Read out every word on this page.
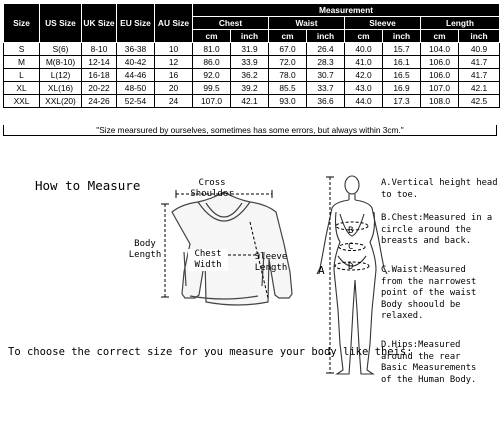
Size	US Size	UK Size	EU Size	AU Size	Measurement							
					Chest		Waist		Sleeve		Length	
					cm	inch	cm	inch	cm	inch	cm	inch
S	S(6)	8-10	36-38	10	81.0	31.9	67.0	26.4	40.0	15.7	104.0	40.9
M	M(8-10)	12-14	40-42	12	86.0	33.9	72.0	28.3	41.0	16.1	106.0	41.7
L	L(12)	16-18	44-46	16	92.0	36.2	78.0	30.7	42.0	16.5	106.0	41.7
XL	XL(16)	20-22	48-50	20	99.5	39.2	85.5	33.7	43.0	16.9	107.0	42.1
XXL	XXL(20)	24-26	52-54	24	107.0	42.1	93.0	36.6	44.0	17.3	108.0	42.5
"Size mearsured by ourselves, sometimes has some errors, but always within 3cm."
How to Measure	Cross
Shoulder
Body
Length	Chest
Width
Sleeve
Length	A
B
C
D
To choose the correct size for you measure your body like theis:
A.Vertical height head
to toe.
B.Chest:Measured in a
circle around the
breasts and back.
C.Waist:Measured
from the narrowest
point of the waist
Body shoould be
relaxed.
D.Hips:Measured
around the rear
Basic Measurements
of the Human Body.
